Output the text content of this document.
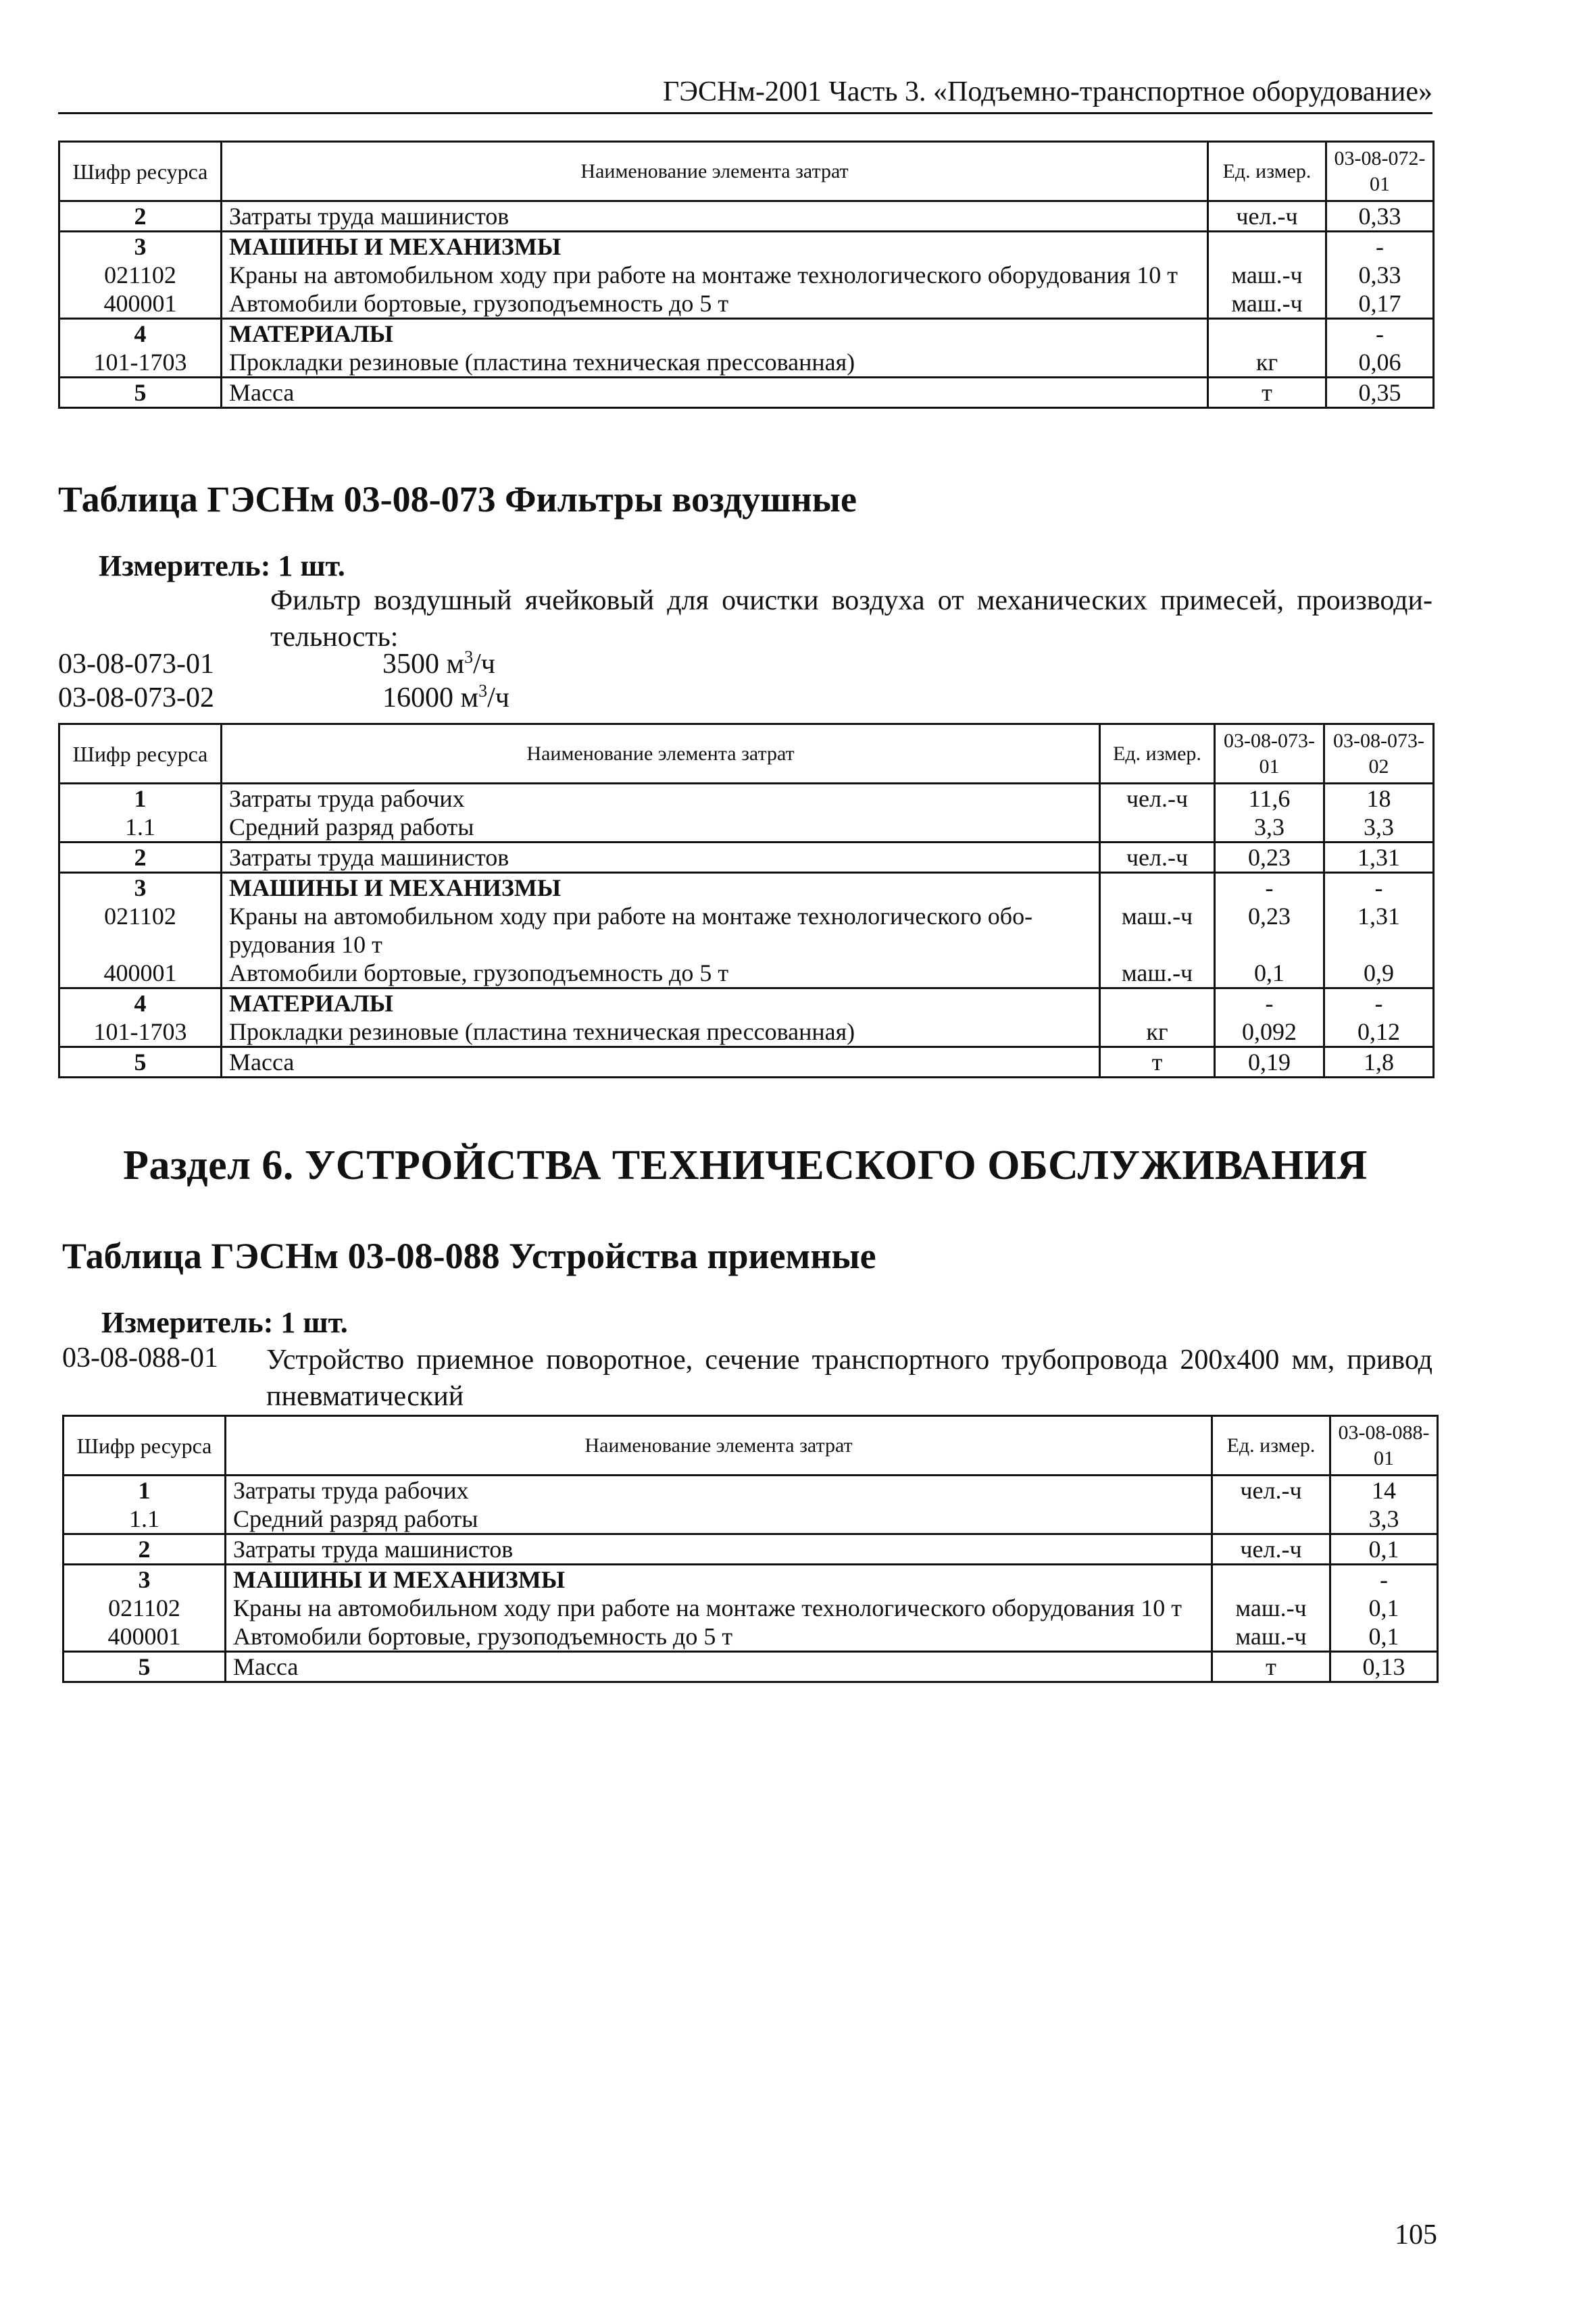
ГЭСНм-2001 Часть 3. «Подъемно-транспортное оборудование»
Шифр ресурса	Наименование элемента затрат	Ед. измер.	03-08-072-01
2	Затраты труда машинистов	чел.-ч	0,33
3	МАШИНЫ И МЕХАНИЗМЫ		-
021102	Краны на автомобильном ходу при работе на монтаже технологического оборудования 10 т	маш.-ч	0,33
400001	Автомобили бортовые, грузоподъемность до 5 т	маш.-ч	0,17
4	МАТЕРИАЛЫ		-
101-1703	Прокладки резиновые (пластина техническая прессованная)	кг	0,06
5	Масса	т	0,35
Таблица ГЭСНм 03-08-073 Фильтры воздушные
Измеритель: 1 шт.
Фильтр воздушный ячейковый для очистки воздуха от механических примесей, производи-тельность:
03-08-073-01	3500 $м^3/ч$
03-08-073-02	16000 $м^3/ч$
Шифр ресурса	Наименование элемента затрат	Ед. измер.	03-08-073-01	03-08-073-02
1	Затраты труда рабочих	чел.-ч	11,6	18
1.1	Средний разряд работы		3,3	3,3
2	Затраты труда машинистов	чел.-ч	0,23	1,31
3	МАШИНЫ И МЕХАНИЗМЫ		-	-
021102	Краны на автомобильном ходу при работе на монтаже технологического обо-рудования 10 т	маш.-ч	0,23	1,31
400001	Автомобили бортовые, грузоподъемность до 5 т	маш.-ч	0,1	0,9
4	МАТЕРИАЛЫ		-	-
101-1703	Прокладки резиновые (пластина техническая прессованная)	кг	0,092	0,12
5	Масса	т	0,19	1,8
Раздел 6. УСТРОЙСТВА ТЕХНИЧЕСКОГО ОБСЛУЖИВАНИЯ
Таблица ГЭСНм 03-08-088 Устройства приемные
Измеритель: 1 шт.
03-08-088-01 Устройство приемное поворотное, сечение транспортного трубопровода 200х400 мм, привод пневматический
Шифр ресурса	Наименование элемента затрат	Ед. измер.	03-08-088-01
1	Затраты труда рабочих	чел.-ч	14
1.1	Средний разряд работы		3,3
2	Затраты труда машинистов	чел.-ч	0,1
3	МАШИНЫ И МЕХАНИЗМЫ		-
021102	Краны на автомобильном ходу при работе на монтаже технологического оборудования 10 т	маш.-ч	0,1
400001	Автомобили бортовые, грузоподъемность до 5 т	маш.-ч	0,1
5	Масса	т	0,13
105
